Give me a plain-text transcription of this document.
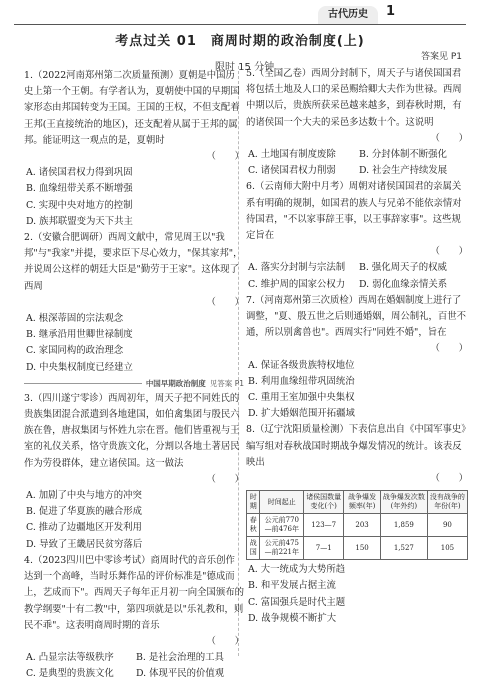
古代历史	1
考点过关 01　商周时期的政治制度(上)
答案见 P1
限时 15 分钟
1.（2022河南郑州第二次质量预测）夏朝是中国历史上第一个王朝。有学者认为，夏朝使中国的早期国家形态由邦国转变为王国。王国的王权，不但支配着王邦(王直接统治的地区)，还支配着从属于王邦的属邦。能证明这一观点的是，夏朝时
（　　）
A. 诸侯国君权力得到巩固
B. 血缘纽带关系不断增强
C. 实现中央对地方的控制
D. 族邦联盟变为天下共主
2.（安徽合肥调研）西周文献中，常见周王以"我邦"与"我家"并提，要求臣下尽心效力，"保其家邦"，并说周公这样的朝廷大臣是"勤劳于王家"。这体现了西周
（　　）
A. 根深蒂固的宗法观念
B. 继承沿用世卿世禄制度
C. 家国同构的政治理念
D. 中央集权制度已经建立
中国早期政治制度 见答案 P1
3.（四川遂宁零诊）西周初年，周天子把不同姓氏的贵族集团混合派遣到各地建国，如伯禽集团与殷民六族在鲁，唐叔集团与怀姓九宗在晋。他们皆重视与王室的礼仪关系，恪守贵族文化，分割以各地土著居民作为劳役群体，建立诸侯国。这一做法
（　　）
A. 加剧了中央与地方的冲突
B. 促进了华夏族的融合形成
C. 推动了边疆地区开发利用
D. 导致了王畿居民贫穷落后
4.（2023四川巴中零诊考试）商周时代的音乐创作达到一个高峰，当时乐舞作品的评价标准是"德成而上，艺成而下"。西周天子每年正月初一向全国颁布的教学纲要"十有二教"中，第四项就是以"乐礼教和，则民不乖"。这表明商周时期的音乐
（　　）
A. 凸显宗法等级秩序	B. 是社会治理的工具
C. 是典型的贵族文化	D. 体现平民的价值观
5.（全国乙卷）西周分封制下，周天子与诸侯国国君将包括土地及人口的采邑赐给卿大夫作为世禄。西周中期以后，贵族所获采邑越来越多，到春秋时期，有的诸侯国一个大夫的采邑多达数十个。这说明
（　　）
A. 土地国有制度废除	B. 分封体制不断强化
C. 诸侯国君权力削弱	D. 社会生产持续发展
6.（云南师大附中月考）周朝对诸侯国国君的亲属关系有明确的规制，如国君的族人与兄弟不能依亲情对待国君，"不以家事辞王事，以王事辞家事"。这些规定旨在
（　　）
A. 落实分封制与宗法制	B. 强化周天子的权威
C. 维护周的国家公权力	D. 弱化血缘亲情关系
7.（河南郑州第三次质检）西周在婚姻制度上进行了调整，"夏、殷五世之后则通婚姻，周公制礼，百世不通，所以别禽兽也"。西周实行"同姓不婚"，旨在
（　　）
A. 保证各级贵族特权地位
B. 利用血缘纽带巩固统治
C. 重用王室加强中央集权
D. 扩大婚姻范围开拓疆域
8.（辽宁沈阳质量检测）下表信息出自《中国军事史》编写组对春秋战国时期战争爆发情况的统计。该表反映出
（　　）
时期	时间起止	诸侯国数量变化(个)	战争爆发频率(年)	战争爆发次数(年外约)	没有战争的年份(年)
春秋	公元前770—前476年	123—7	203	1,859	90
战国	公元前475—前221年	7—1	150	1,527	105
A. 大一统成为大势所趋
B. 和平发展占据主流
C. 富国强兵是时代主题
D. 战争规模不断扩大
